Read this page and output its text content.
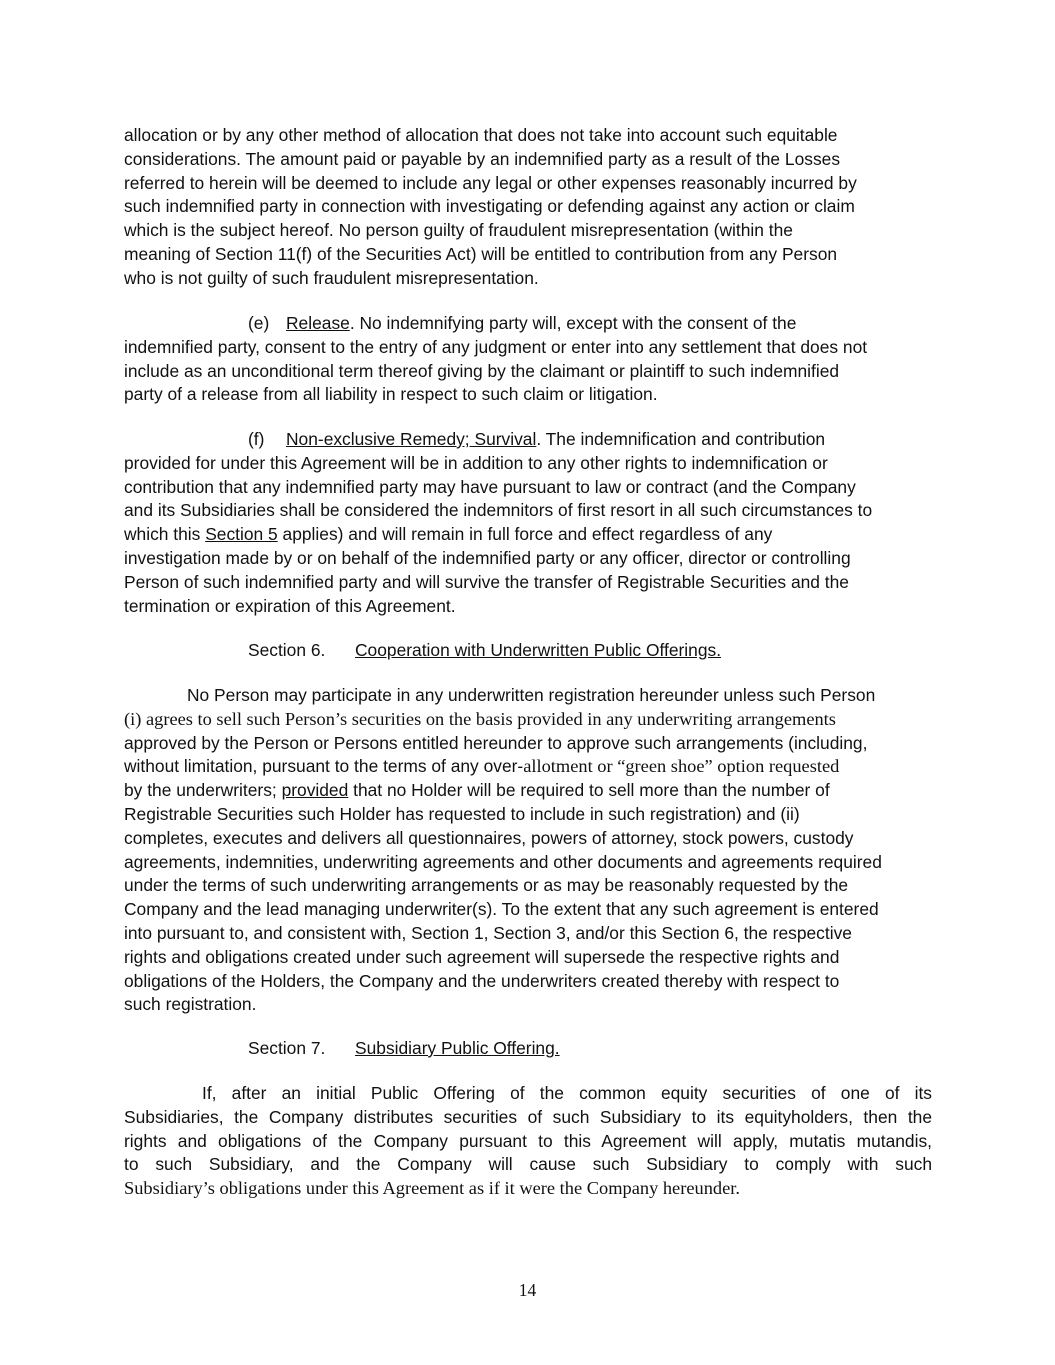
allocation or by any other method of allocation that does not take into account such equitable
considerations. The amount paid or payable by an indemnified party as a result of the Losses
referred to herein will be deemed to include any legal or other expenses reasonably incurred by
such indemnified party in connection with investigating or defending against any action or claim
which is the subject hereof. No person guilty of fraudulent misrepresentation (within the
meaning of Section 11(f) of the Securities Act) will be entitled to contribution from any Person
who is not guilty of such fraudulent misrepresentation.
(e) Release. No indemnifying party will, except with the consent of the
indemnified party, consent to the entry of any judgment or enter into any settlement that does not
include as an unconditional term thereof giving by the claimant or plaintiff to such indemnified
party of a release from all liability in respect to such claim or litigation.
(f) Non-exclusive Remedy; Survival. The indemnification and contribution
provided for under this Agreement will be in addition to any other rights to indemnification or
contribution that any indemnified party may have pursuant to law or contract (and the Company
and its Subsidiaries shall be considered the indemnitors of first resort in all such circumstances to
which this Section 5 applies) and will remain in full force and effect regardless of any
investigation made by or on behalf of the indemnified party or any officer, director or controlling
Person of such indemnified party and will survive the transfer of Registrable Securities and the
termination or expiration of this Agreement.
Section 6. Cooperation with Underwritten Public Offerings.
No Person may participate in any underwritten registration hereunder unless such Person
(i) agrees to sell such Person’s securities on the basis provided in any underwriting arrangements
approved by the Person or Persons entitled hereunder to approve such arrangements (including,
without limitation, pursuant to the terms of any over-allotment or “green shoe” option requested
by the underwriters; provided that no Holder will be required to sell more than the number of
Registrable Securities such Holder has requested to include in such registration) and (ii)
completes, executes and delivers all questionnaires, powers of attorney, stock powers, custody
agreements, indemnities, underwriting agreements and other documents and agreements required
under the terms of such underwriting arrangements or as may be reasonably requested by the
Company and the lead managing underwriter(s). To the extent that any such agreement is entered
into pursuant to, and consistent with, Section 1, Section 3, and/or this Section 6, the respective
rights and obligations created under such agreement will supersede the respective rights and
obligations of the Holders, the Company and the underwriters created thereby with respect to
such registration.
Section 7. Subsidiary Public Offering.
If, after an initial Public Offering of the common equity securities of one of its
Subsidiaries, the Company distributes securities of such Subsidiary to its equityholders, then the
rights and obligations of the Company pursuant to this Agreement will apply, mutatis mutandis,
to such Subsidiary, and the Company will cause such Subsidiary to comply with such
Subsidiary’s obligations under this Agreement as if it were the Company hereunder.
14
